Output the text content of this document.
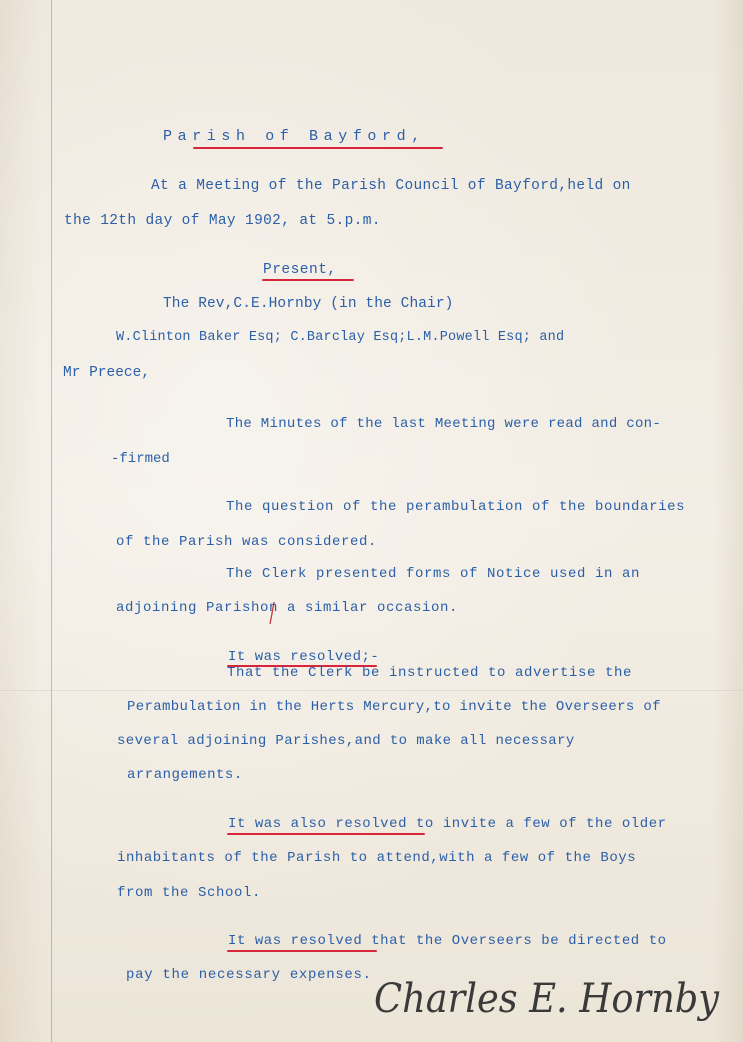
Parish of Bayford,

At a Meeting of the Parish Council of Bayford,held on

the 12th day of May 1902, at 5.p.m.

Present,

The Rev,C.E.Hornby (in the Chair)

W.Clinton Baker Esq; C.Barclay Esq;L.M.Powell Esq; and

Mr Preece,

The Minutes of the last Meeting were read and con-

-firmed

The question of the perambulation of the boundaries

of the Parish was considered.

The Clerk presented forms of Notice used in an

adjoining Parishon a similar occasion.

It was resolved;-

That the Clerk be instructed to advertise the

Perambulation in the Herts Mercury,to invite the Overseers of

several adjoining Parishes,and to make all necessary

arrangements.

It was also resolved to invite a few of the older

inhabitants of the Parish to attend,with a few of the Boys

from the School.

It was resolved that the Overseers be directed to

pay the necessary expenses.

Charles E. Hornby
